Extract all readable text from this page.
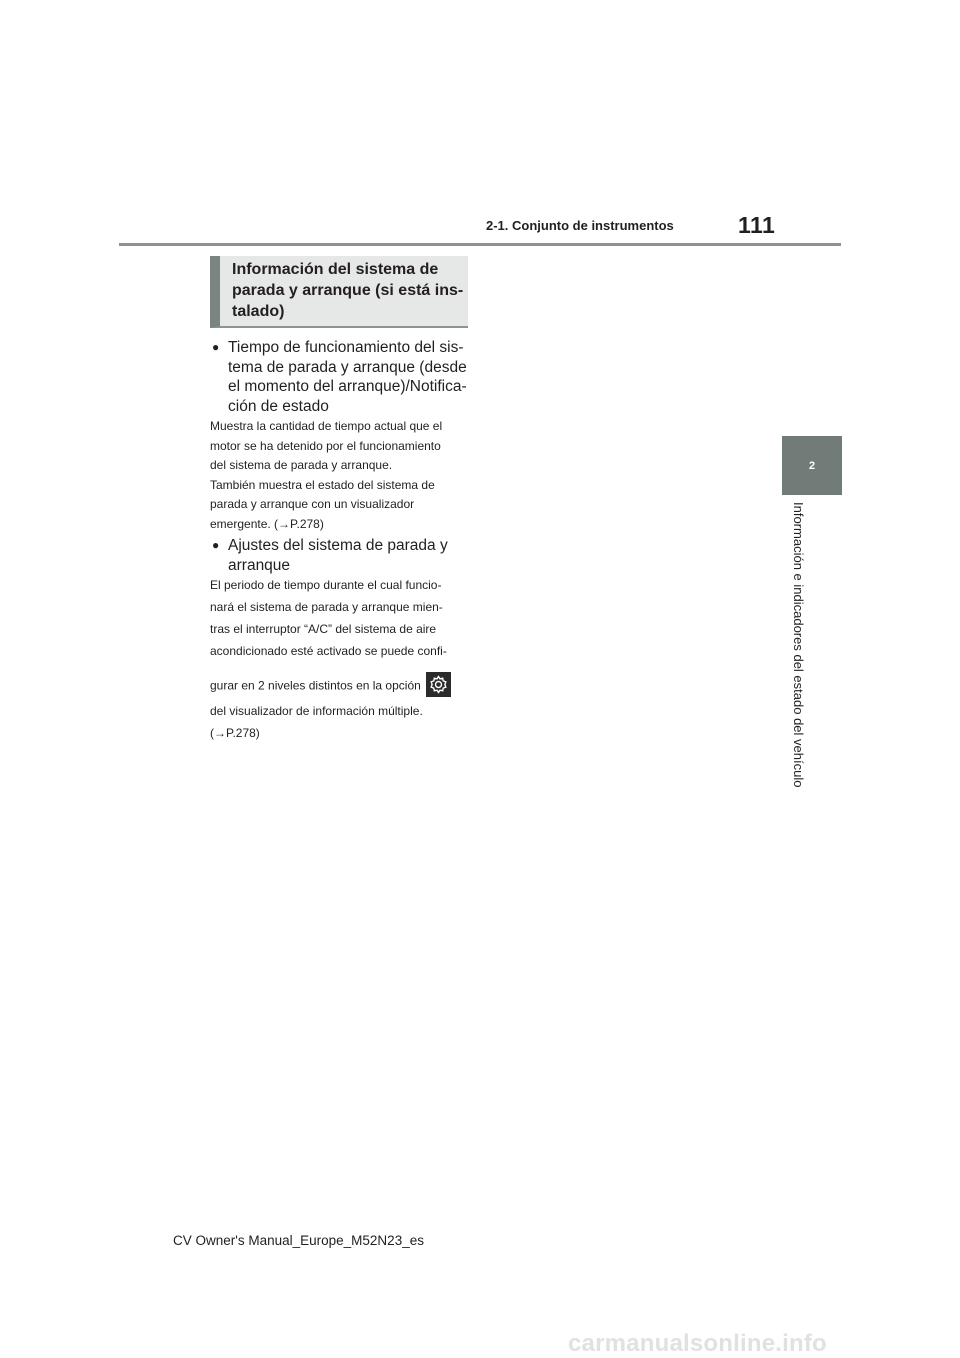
2-1. Conjunto de instrumentos	111
2
Información e indicadores del estado del vehículo
Información del sistema de
parada y arranque (si está ins-
talado)
● Tiempo de funcionamiento del sis-
tema de parada y arranque (desde
el momento del arranque)/Notifica-
ción de estado
Muestra la cantidad de tiempo actual que el
motor se ha detenido por el funcionamiento
del sistema de parada y arranque.
También muestra el estado del sistema de
parada y arranque con un visualizador
emergente. (→P.278)
● Ajustes del sistema de parada y
arranque
El periodo de tiempo durante el cual funcio-
nará el sistema de parada y arranque mien-
tras el interruptor “A/C” del sistema de aire
acondicionado esté activado se puede confi-
gurar en 2 niveles distintos en la opción
del visualizador de información múltiple.
(→P.278)
CV Owner's Manual_Europe_M52N23_es
carmanualsonline.info
